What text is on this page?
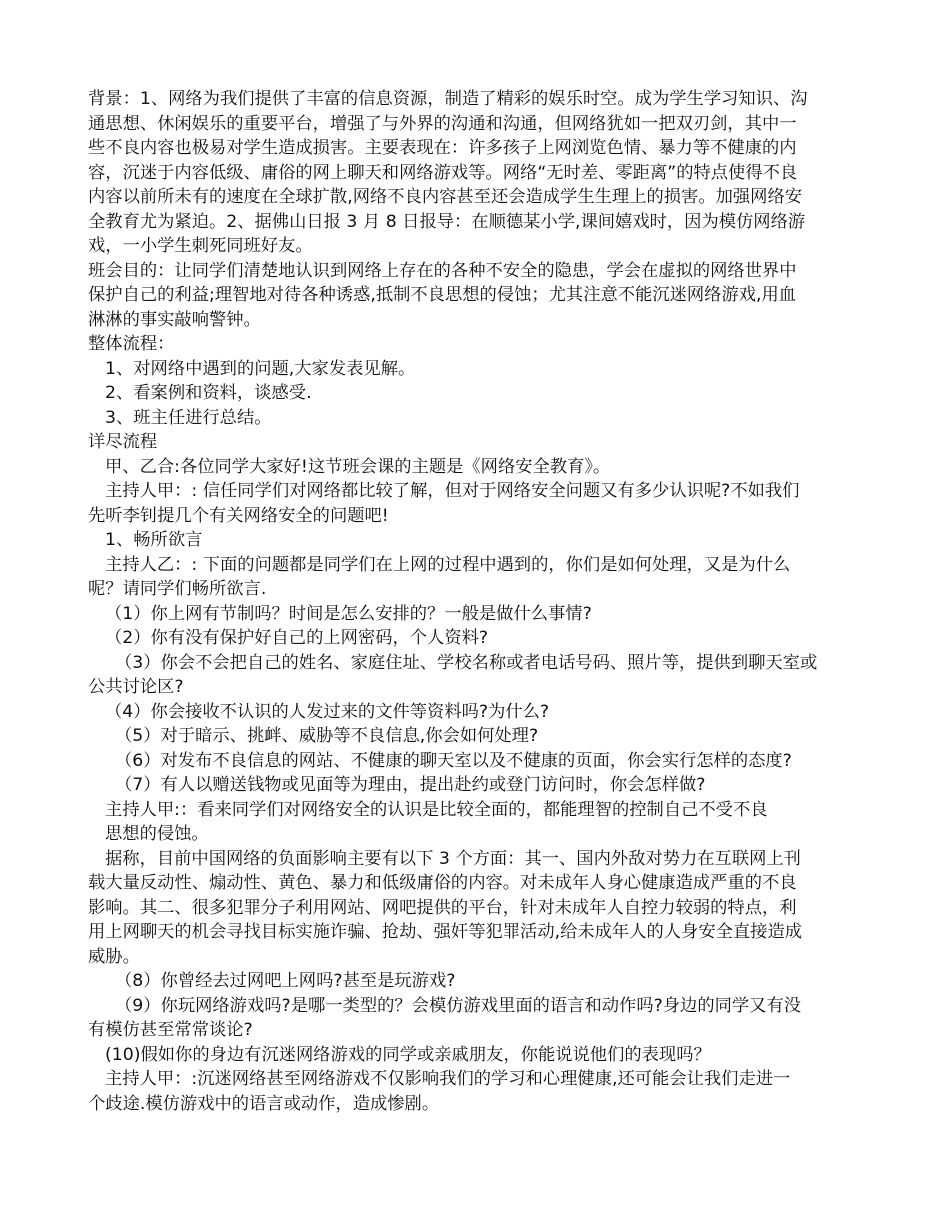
背景：1、网络为我们提供了丰富的信息资源，制造了精彩的娱乐时空。成为学生学习知识、沟
通思想、休闲娱乐的重要平台，增强了与外界的沟通和沟通，但网络犹如一把双刃剑，其中一
些不良内容也极易对学生造成损害。主要表现在：许多孩子上网浏览色情、暴力等不健康的内
容，沉迷于内容低级、庸俗的网上聊天和网络游戏等。网络“无时差、零距离”的特点使得不良
内容以前所未有的速度在全球扩散,网络不良内容甚至还会造成学生生理上的损害。加强网络安
全教育尤为紧迫。2、据佛山日报 3 月 8 日报导：在顺德某小学,课间嬉戏时，因为模仿网络游
戏，一小学生刺死同班好友。
班会目的：让同学们清楚地认识到网络上存在的各种不安全的隐患，学会在虚拟的网络世界中
保护自己的利益;理智地对待各种诱惑,抵制不良思想的侵蚀；尤其注意不能沉迷网络游戏,用血
淋淋的事实敲响警钟。
整体流程：
1、对网络中遇到的问题,大家发表见解。
2、看案例和资料，谈感受.
3、班主任进行总结。
详尽流程
甲、乙合:各位同学大家好!这节班会课的主题是《网络安全教育》。
主持人甲：: 信任同学们对网络都比较了解，但对于网络安全问题又有多少认识呢?不如我们
先听李钊提几个有关网络安全的问题吧!
1、畅所欲言
主持人乙：: 下面的问题都是同学们在上网的过程中遇到的，你们是如何处理，又是为什么
呢？请同学们畅所欲言.
（1）你上网有节制吗？时间是怎么安排的？一般是做什么事情?
（2）你有没有保护好自己的上网密码，个人资料?
（3）你会不会把自己的姓名、家庭住址、学校名称或者电话号码、照片等，提供到聊天室或
公共讨论区?
（4）你会接收不认识的人发过来的文件等资料吗?为什么?
（5）对于暗示、挑衅、威胁等不良信息,你会如何处理?
（6）对发布不良信息的网站、不健康的聊天室以及不健康的页面，你会实行怎样的态度?
（7）有人以赠送钱物或见面等为理由，提出赴约或登门访问时，你会怎样做?
主持人甲:：看来同学们对网络安全的认识是比较全面的，都能理智的控制自己不受不良
思想的侵蚀。
据称，目前中国网络的负面影响主要有以下 3 个方面：其一、国内外敌对势力在互联网上刊
载大量反动性、煽动性、黄色、暴力和低级庸俗的内容。对未成年人身心健康造成严重的不良
影响。其二、很多犯罪分子利用网站、网吧提供的平台，针对未成年人自控力较弱的特点，利
用上网聊天的机会寻找目标实施诈骗、抢劫、强奸等犯罪活动,给未成年人的人身安全直接造成
威胁。
（8）你曾经去过网吧上网吗?甚至是玩游戏?
（9）你玩网络游戏吗?是哪一类型的？会模仿游戏里面的语言和动作吗?身边的同学又有没
有模仿甚至常常谈论?
(10)假如你的身边有沉迷网络游戏的同学或亲戚朋友，你能说说他们的表现吗？
主持人甲：:沉迷网络甚至网络游戏不仅影响我们的学习和心理健康,还可能会让我们走进一
个歧途.模仿游戏中的语言或动作，造成惨剧。
